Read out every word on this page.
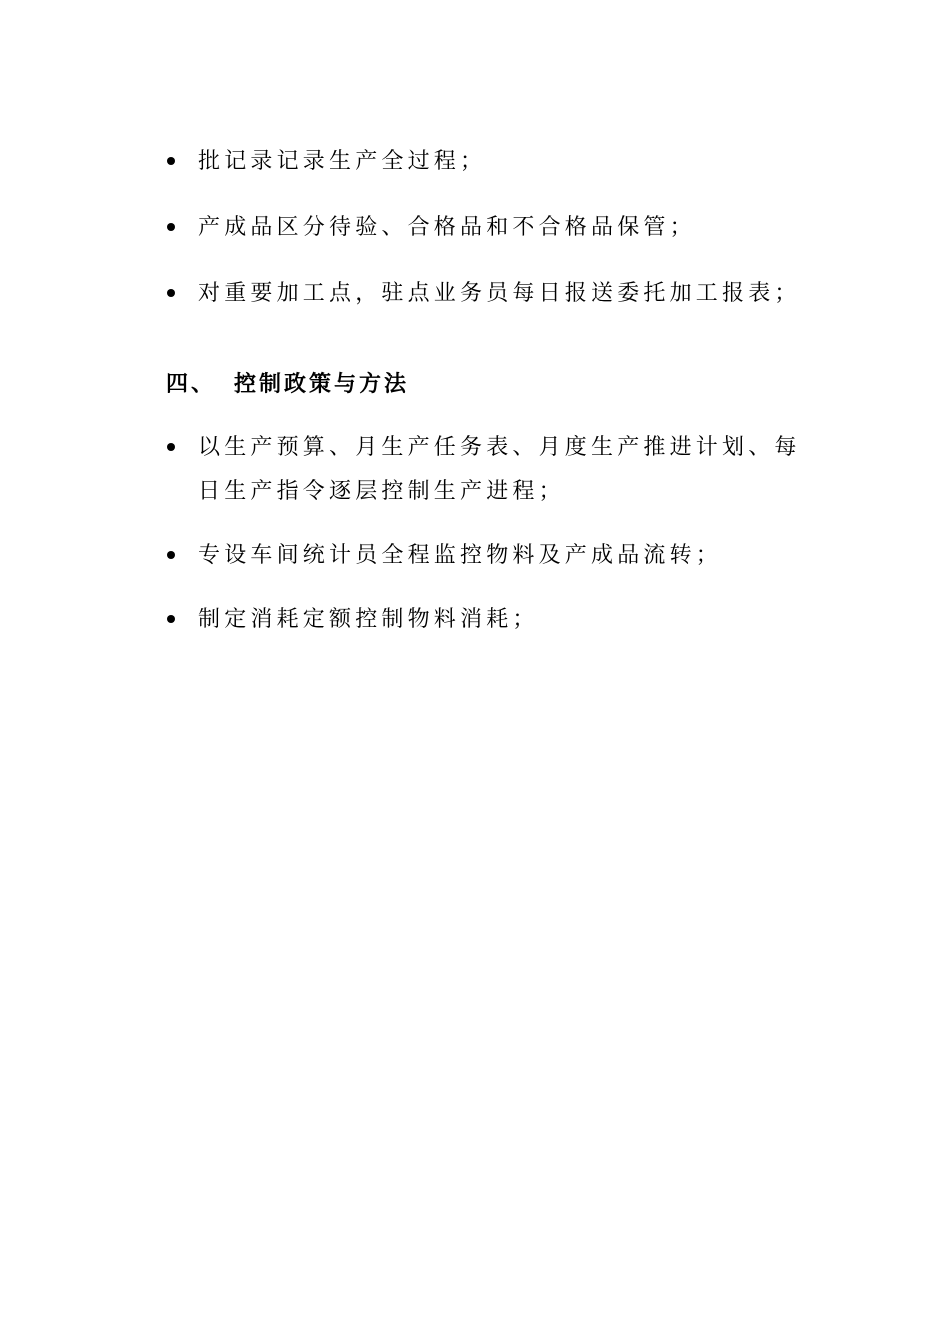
批记录记录生产全过程；
产成品区分待验、合格品和不合格品保管；
对重要加工点，驻点业务员每日报送委托加工报表；
四、 控制政策与方法
以生产预算、月生产任务表、月度生产推进计划、每日生产指令逐层控制生产进程；
专设车间统计员全程监控物料及产成品流转；
制定消耗定额控制物料消耗；
